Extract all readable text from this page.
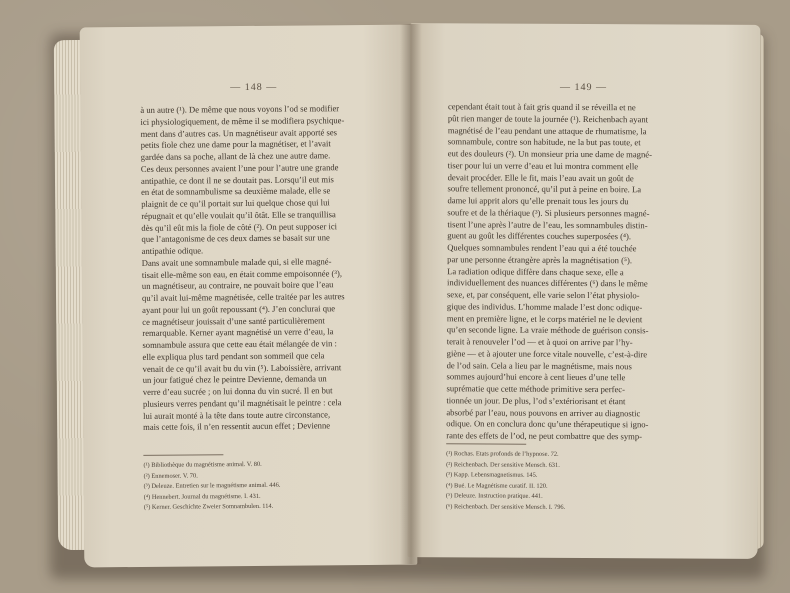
— 148 —
à un autre (¹). De même que nous voyons l’od se modifier
ici physiologiquement, de même il se modifiera psychique-
ment dans d’autres cas. Un magnétiseur avait apporté ses
petits fiole chez une dame pour la magnétiser, et l’avait
gardée dans sa poche, allant de là chez une autre dame.
Ces deux personnes avaient l’une pour l’autre une grande
antipathie, ce dont il ne se doutait pas. Lorsqu’il eut mis
en état de somnambulisme sa deuxième malade, elle se
plaignit de ce qu’il portait sur lui quelque chose qui lui
répugnait et qu’elle voulait qu’il ôtât. Elle se tranquillisa
dès qu’il eût mis la fiole de côté (²). On peut supposer ici
que l’antagonisme de ces deux dames se basait sur une
antipathie odique.
Dans avait une somnambule malade qui, si elle magné-
tisait elle-même son eau, en était comme empoisonnée (³),
un magnétiseur, au contraire, ne pouvait boire que l’eau
qu’il avait lui-même magnétisée, celle traitée par les autres
ayant pour lui un goût repoussant (⁴). J’en conclurai que
ce magnétiseur jouissait d’une santé particulièrement
remarquable. Kerner ayant magnétisé un verre d’eau, la
somnambule assura que cette eau était mélangée de vin :
elle expliqua plus tard pendant son sommeil que cela
venait de ce qu’il avait bu du vin (⁵). Laboissière, arrivant
un jour fatigué chez le peintre Devienne, demanda un
verre d’eau sucrée ; on lui donna du vin sucré. Il en but
plusieurs verres pendant qu’il magnétisait le peintre : cela
lui aurait monté à la tête dans toute autre circonstance,
mais cette fois, il n’en ressentit aucun effet ; Devienne
(¹) Bibliothèque du magnétisme animal. V. 80.
(²) Ennemoser. V. 70.
(³) Deleuze. Entretien sur le magnétisme animal. 446.
(⁴) Hennebert. Journal du magnétisme. I. 431.
(⁵) Kerner. Geschichte Zweier Somnambulen. 114.
— 149 —
cependant était tout à fait gris quand il se réveilla et ne
pût rien manger de toute la journée (¹). Reichenbach ayant
magnétisé de l’eau pendant une attaque de rhumatisme, la
somnambule, contre son habitude, ne la but pas toute, et
eut des douleurs (²). Un monsieur pria une dame de magné-
tiser pour lui un verre d’eau et lui montra comment elle
devait procéder. Elle le fit, mais l’eau avait un goût de
soufre tellement prononcé, qu’il put à peine en boire. La
dame lui apprit alors qu’elle prenait tous les jours du
soufre et de la thériaque (³). Si plusieurs personnes magné-
tisent l’une après l’autre de l’eau, les somnambules distin-
guent au goût les différentes couches superposées (⁴).
Quelques somnambules rendent l’eau qui a été touchée
par une personne étrangère après la magnétisation (⁵).
La radiation odique diffère dans chaque sexe, elle a
individuellement des nuances différentes (⁶) dans le même
sexe, et, par conséquent, elle varie selon l’état physiolo-
gique des individus. L’homme malade l’est donc odique-
ment en première ligne, et le corps matériel ne le devient
qu’en seconde ligne. La vraie méthode de guérison consis-
terait à renouveler l’od — et à quoi on arrive par l’hy-
giène — et à ajouter une force vitale nouvelle, c’est-à-dire
de l’od sain. Cela a lieu par le magnétisme, mais nous
sommes aujourd’hui encore à cent lieues d’une telle
suprématie que cette méthode primitive sera perfec-
tionnée un jour. De plus, l’od s’extériorisant et étant
absorbé par l’eau, nous pouvons en arriver au diagnostic
odique. On en conclura donc qu’une thérapeutique si igno-
rante des effets de l’od, ne peut combattre que des symp-
(¹) Rochas. Etats profonds de l’hypnose. 72.
(²) Reichenbach. Der sensitive Mensch. 631.
(³) Kapp. Lebensmagnetismus. 145.
(⁴) Bué. Le Magnétisme curatif. II. 120.
(⁵) Deleuze. Instruction pratique. 441.
(⁶) Reichenbach. Der sensitive Mensch. I. 796.
